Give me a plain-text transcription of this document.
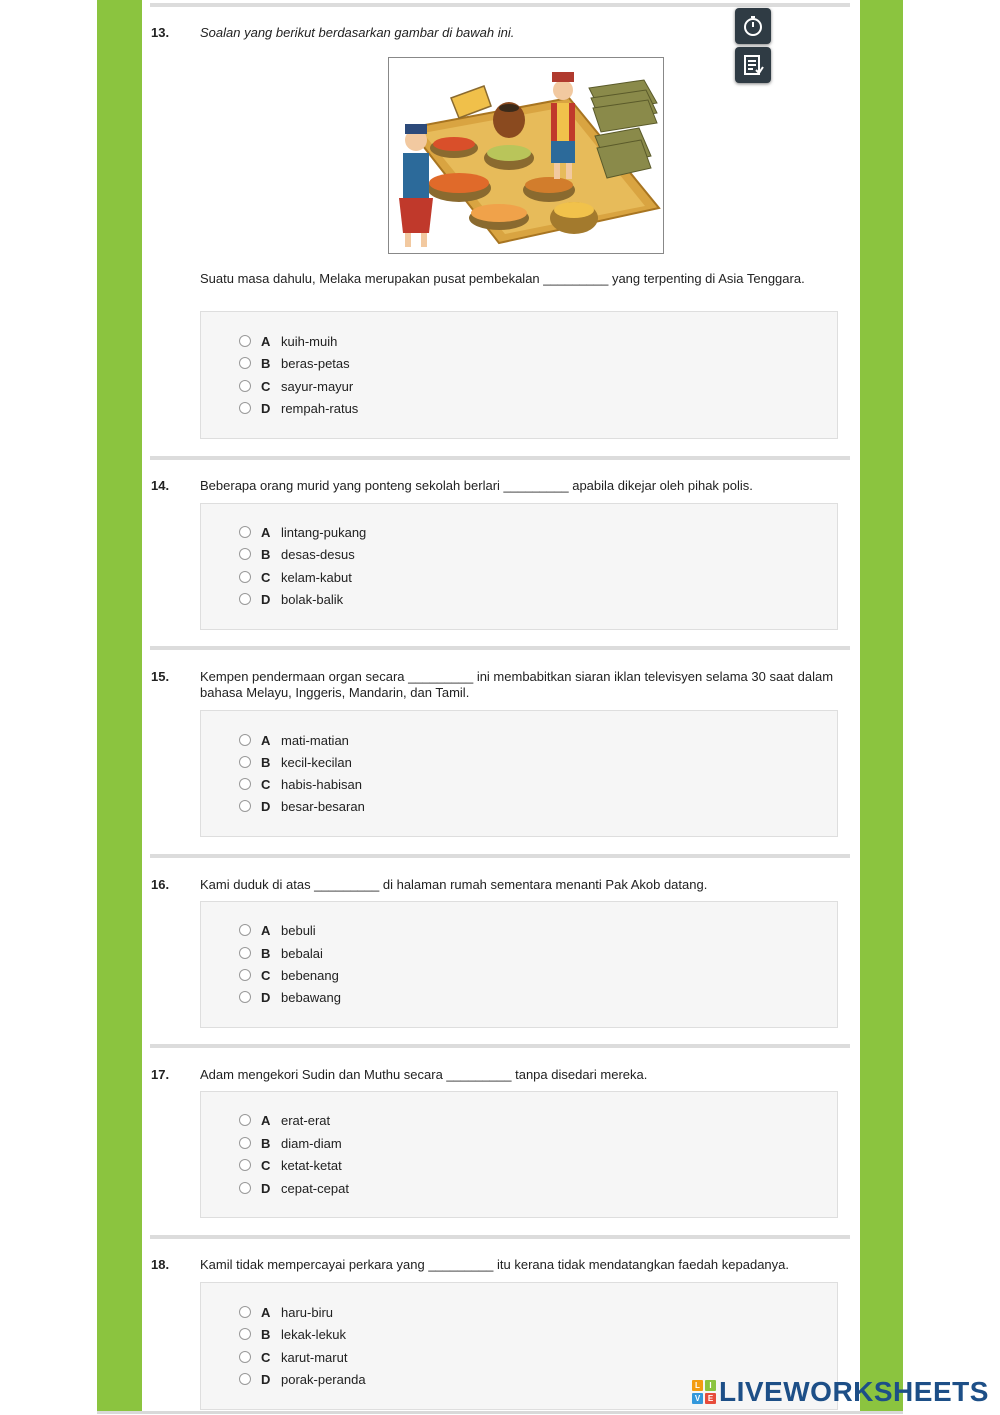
13. Soalan yang berikut berdasarkan gambar di bawah ini.
Suatu masa dahulu, Melaka merupakan pusat pembekalan _________ yang terpenting di Asia Tenggara.
A kuih-muih
B beras-petas
C sayur-mayur
D rempah-ratus
14. Beberapa orang murid yang ponteng sekolah berlari _________ apabila dikejar oleh pihak polis.
A lintang-pukang
B desas-desus
C kelam-kabut
D bolak-balik
15. Kempen pendermaan organ secara _________ ini membabitkan siaran iklan televisyen selama 30 saat dalam bahasa Melayu, Inggeris, Mandarin, dan Tamil.
A mati-matian
B kecil-kecilan
C habis-habisan
D besar-besaran
16. Kami duduk di atas _________ di halaman rumah sementara menanti Pak Akob datang.
A bebuli
B bebalai
C bebenang
D bebawang
17. Adam mengekori Sudin dan Muthu secara _________ tanpa disedari mereka.
A erat-erat
B diam-diam
C ketat-ketat
D cepat-cepat
18. Kamil tidak mempercayai perkara yang _________ itu kerana tidak mendatangkan faedah kepadanya.
A haru-biru
B lekak-lekuk
C karut-marut
D porak-peranda	L	I
V E LIVEWORKSHEETS
